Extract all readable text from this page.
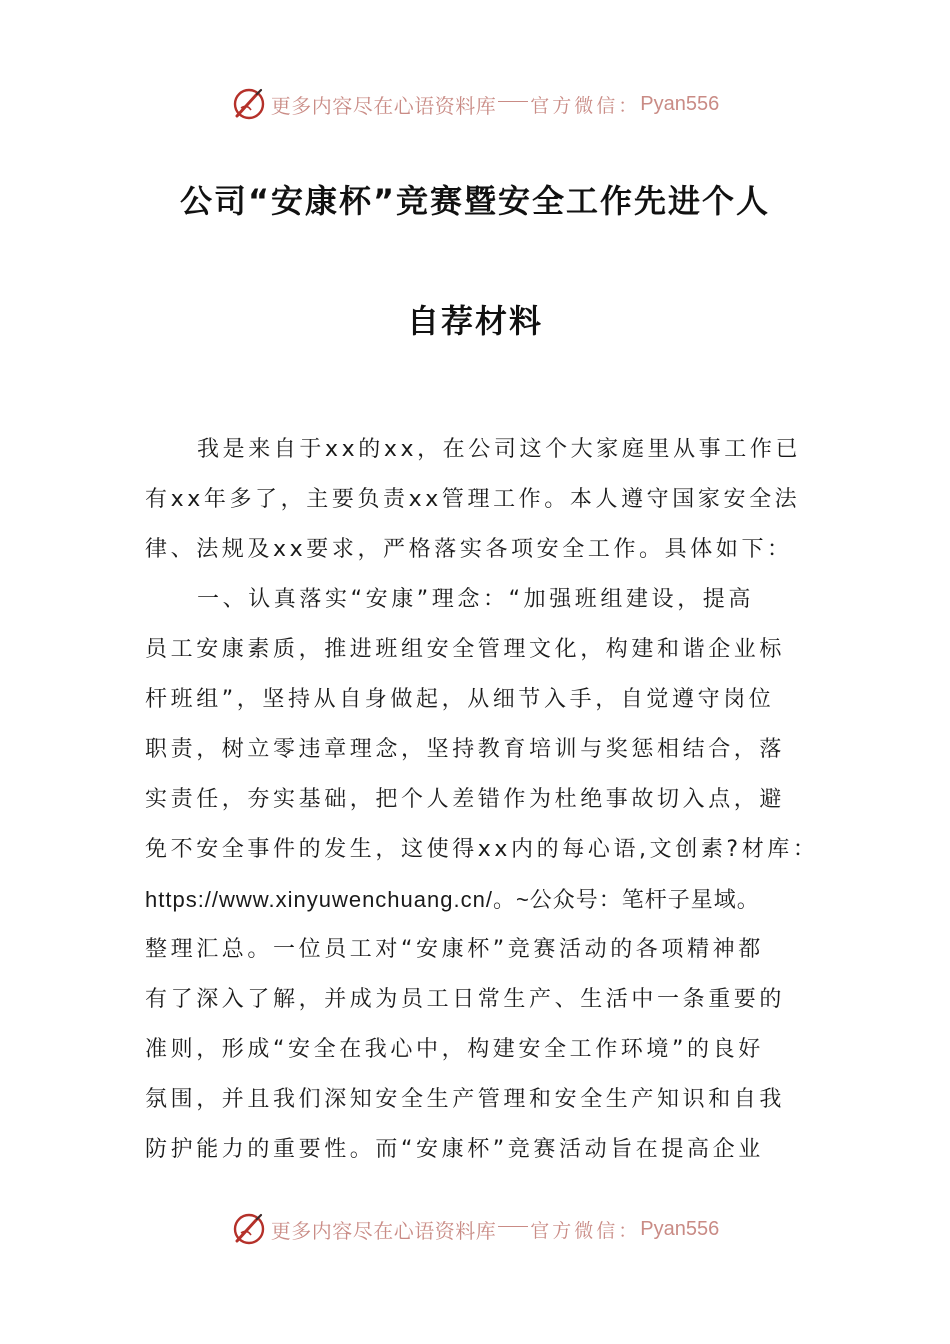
更多内容尽在心语资料库 官方微信： Pyan556
公司“安康杯”竞赛暨安全工作先进个人
自荐材料
我是来自于xx的xx，在公司这个大家庭里从事工作已
有xx年多了，主要负责xx管理工作。本人遵守国家安全法
律、法规及xx要求，严格落实各项安全工作。具体如下：
一、认真落实“安康”理念：“加强班组建设，提高
员工安康素质，推进班组安全管理文化，构建和谐企业标
杆班组”，坚持从自身做起，从细节入手，自觉遵守岗位
职责，树立零违章理念，坚持教育培训与奖惩相结合，落
实责任，夯实基础，把个人差错作为杜绝事故切入点，避
免不安全事件的发生，这使得xx内的每心语,文创素?材库：
https://www.xinyuwenchuang.cn/。~公众号：笔杆子星域。
整理汇总。一位员工对“安康杯”竞赛活动的各项精神都
有了深入了解，并成为员工日常生产、生活中一条重要的
准则，形成“安全在我心中，构建安全工作环境”的良好
氛围，并且我们深知安全生产管理和安全生产知识和自我
防护能力的重要性。而“安康杯”竞赛活动旨在提高企业
更多内容尽在心语资料库 官方微信： Pyan556
